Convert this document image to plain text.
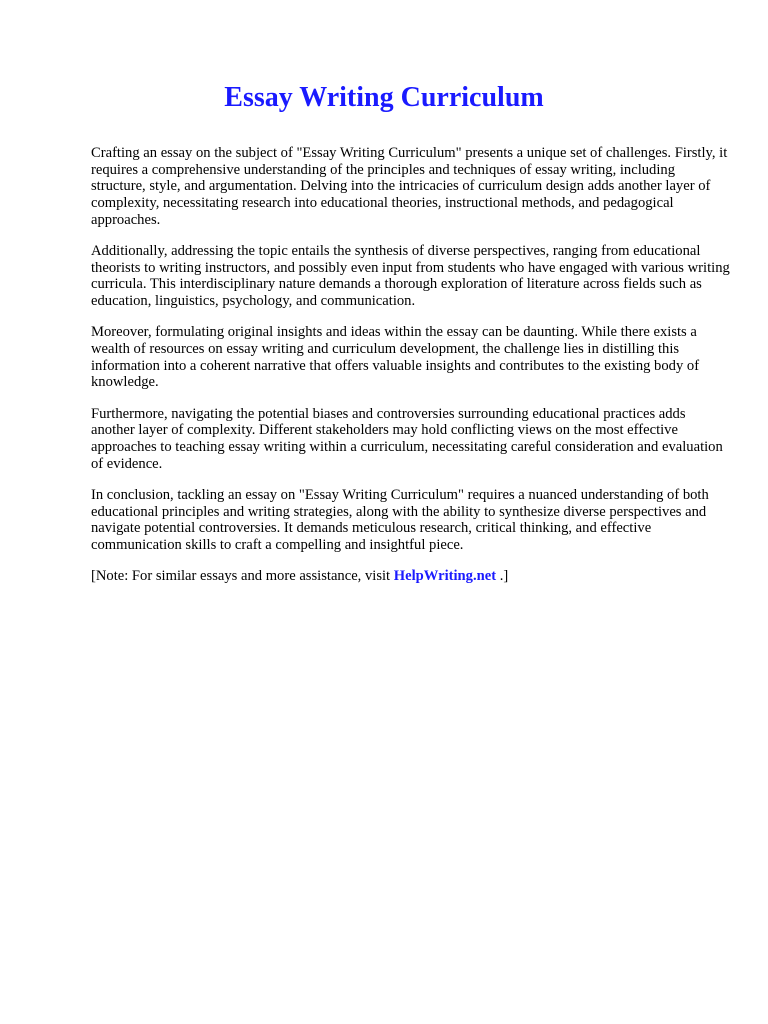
Essay Writing Curriculum

Crafting an essay on the subject of "Essay Writing Curriculum" presents a unique set of challenges. Firstly, it requires a comprehensive understanding of the principles and techniques of essay writing, including structure, style, and argumentation. Delving into the intricacies of curriculum design adds another layer of complexity, necessitating research into educational theories, instructional methods, and pedagogical approaches.

Additionally, addressing the topic entails the synthesis of diverse perspectives, ranging from educational theorists to writing instructors, and possibly even input from students who have engaged with various writing curricula. This interdisciplinary nature demands a thorough exploration of literature across fields such as education, linguistics, psychology, and communication.

Moreover, formulating original insights and ideas within the essay can be daunting. While there exists a wealth of resources on essay writing and curriculum development, the challenge lies in distilling this information into a coherent narrative that offers valuable insights and contributes to the existing body of knowledge.

Furthermore, navigating the potential biases and controversies surrounding educational practices adds another layer of complexity. Different stakeholders may hold conflicting views on the most effective approaches to teaching essay writing within a curriculum, necessitating careful consideration and evaluation of evidence.

In conclusion, tackling an essay on "Essay Writing Curriculum" requires a nuanced understanding of both educational principles and writing strategies, along with the ability to synthesize diverse perspectives and navigate potential controversies. It demands meticulous research, critical thinking, and effective communication skills to craft a compelling and insightful piece.

[Note: For similar essays and more assistance, visit HelpWriting.net .]
